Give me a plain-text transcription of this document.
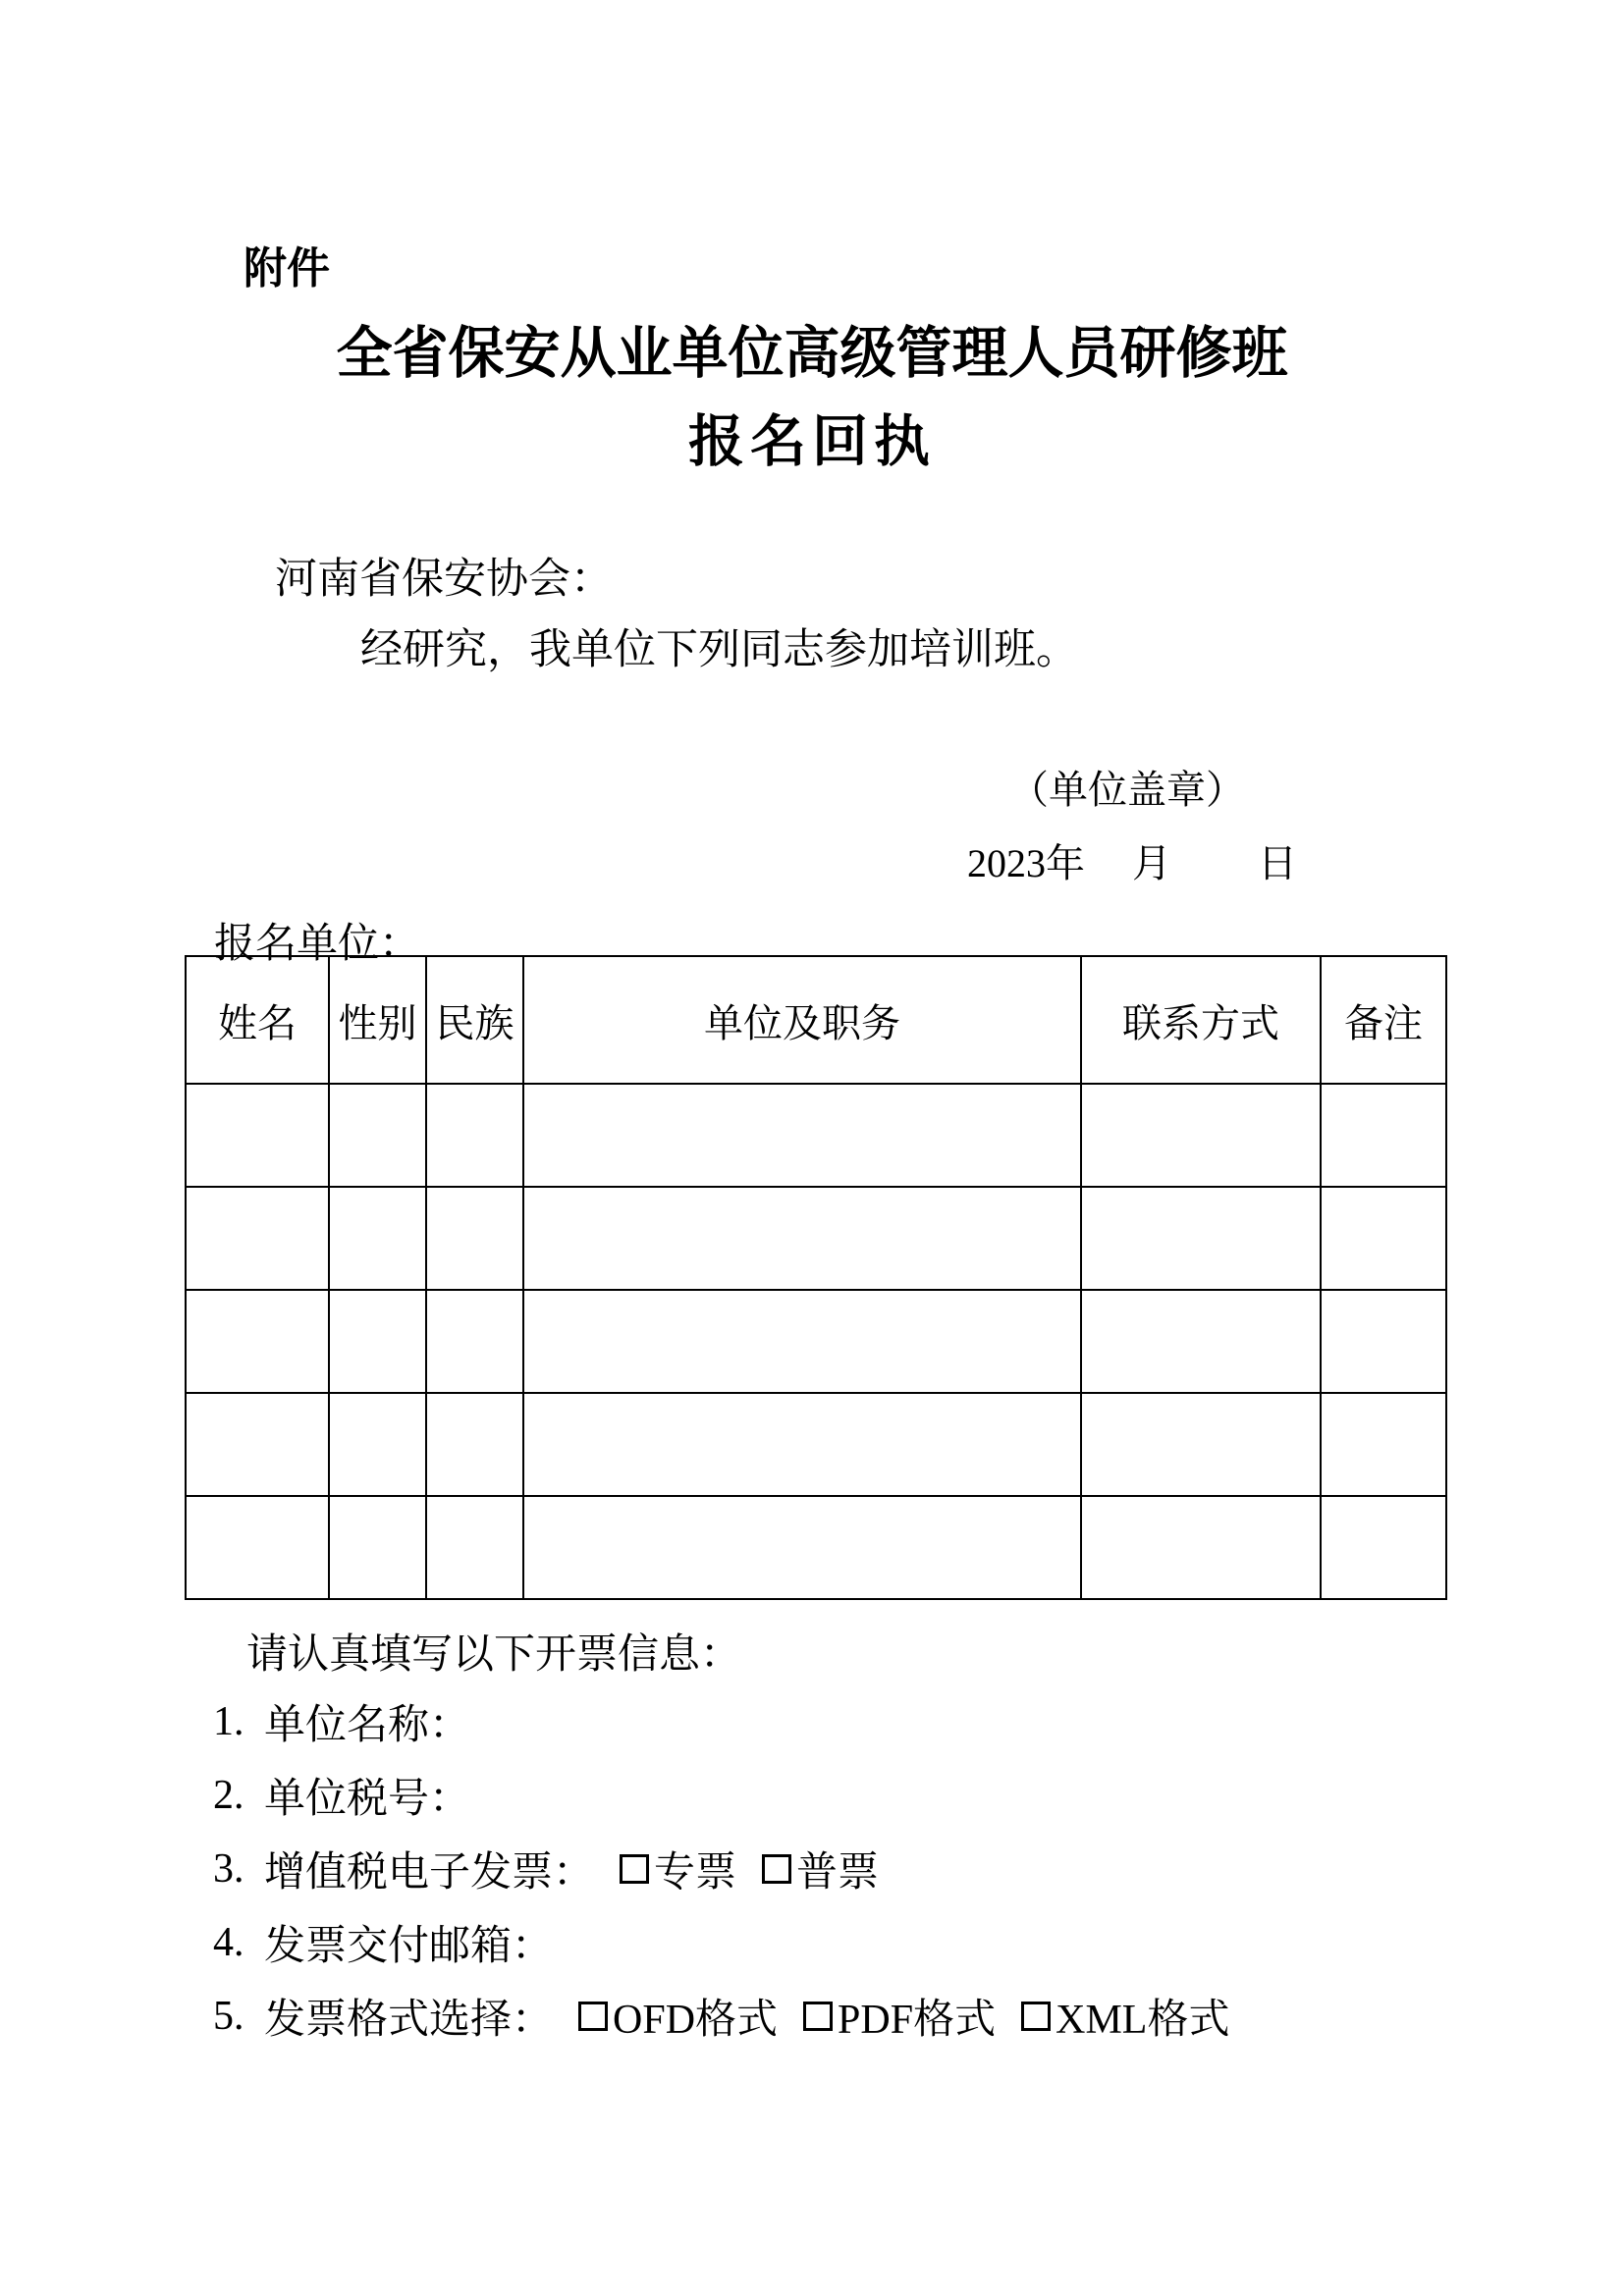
附件
全省保安从业单位高级管理人员研修班
报名回执
河南省保安协会：
经研究，我单位下列同志参加培训班。
（单位盖章）
2023年 月 日
报名单位：
姓名	性别	民族	单位及职务	联系方式	备注

请认真填写以下开票信息：
1. 单位名称：
2. 单位税号：
3. 增值税电子发票： 专票 普票
4. 发票交付邮箱：
5. 发票格式选择： OFD格式 PDF格式 XML格式
